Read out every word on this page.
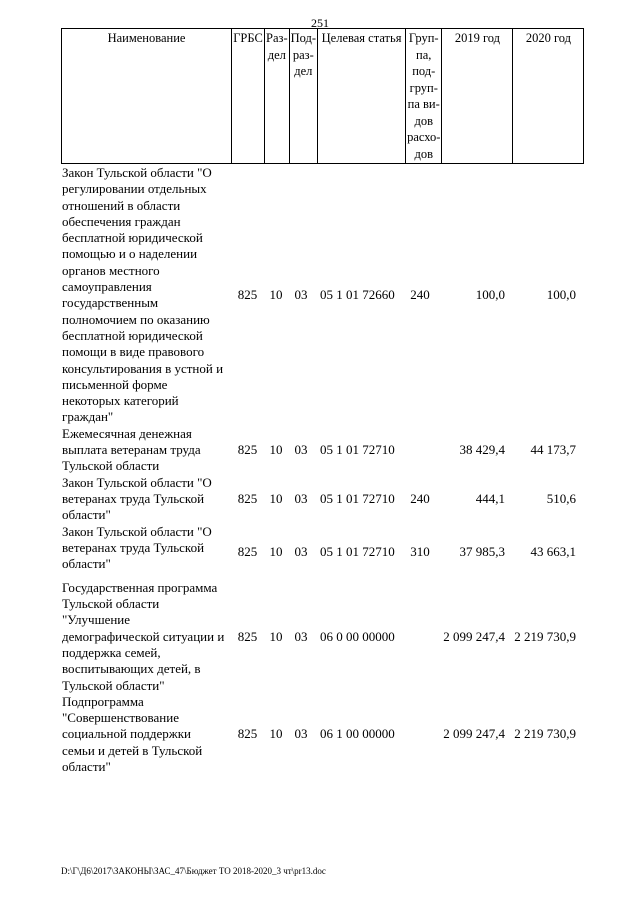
251
Наименование	ГРБС	Раз-дел	Под-раз-дел	Целевая статья	Груп-па, под-груп-па ви-дов расхо-дов	2019 год	2020 год
Закон Тульской области "О регулировании отдельных отношений в области обеспечения граждан бесплатной юридической помощью и о наделении органов местного самоуправления государственным полномочием по оказанию бесплатной юридической помощи в виде правового консультирования в устной и письменной форме некоторых категорий граждан"	825	10	03	05 1 01 72660	240	100,0	100,0
Ежемесячная денежная выплата ветеранам труда Тульской области	825	10	03	05 1 01 72710		38 429,4	44 173,7
Закон Тульской области "О ветеранах труда Тульской области"	825	10	03	05 1 01 72710	240	444,1	510,6
Закон Тульской области "О ветеранах труда Тульской области"	825	10	03	05 1 01 72710	310	37 985,3	43 663,1
Государственная программа Тульской области "Улучшение демографической ситуации и поддержка семей, воспитывающих детей, в Тульской области"	825	10	03	06 0 00 00000		2 099 247,4	2 219 730,9
Подпрограмма "Совершенствование социальной поддержки семьи и детей в Тульской области"	825	10	03	06 1 00 00000		2 099 247,4	2 219 730,9
D:\Г\Д6\2017\ЗАКОНЫ\ЗАС_47\Бюджет ТО 2018-2020_3 чт\pr13.doc
